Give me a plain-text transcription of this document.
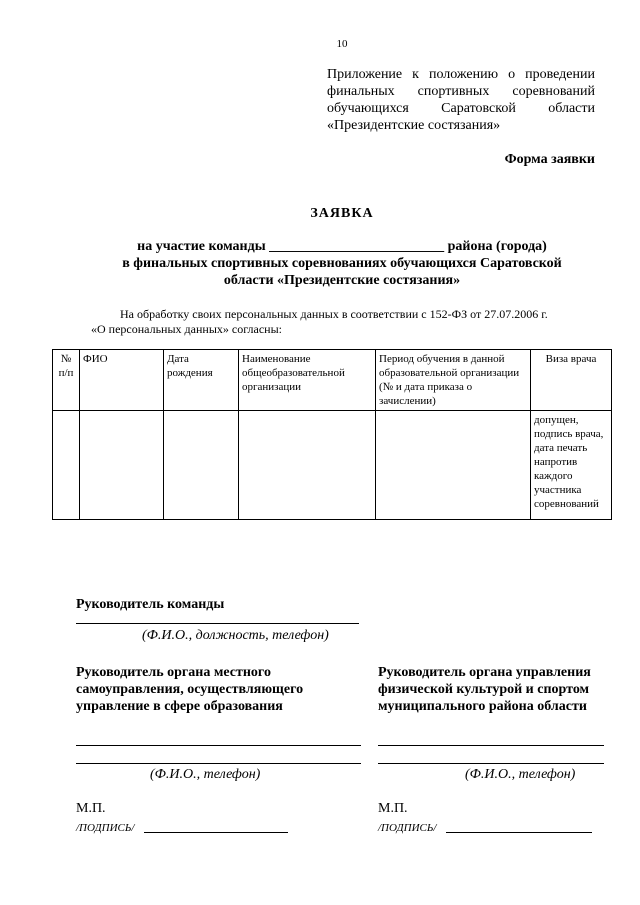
10
Приложение к положению о проведении
финальных спортивных соревнований
обучающихся Саратовской области
«Президентские состязания»
Форма заявки
ЗАЯВКА
на участие команды _________________________ района (города)
в финальных спортивных соревнованиях обучающихся Саратовской
области «Президентские состязания»
На обработку своих персональных данных в соответствии с 152-ФЗ от 27.07.2006 г.
«О персональных данных» согласны:
№ п/п	ФИО	Дата рождения	Наименование общеобразовательной организации	Период обучения в данной образовательной организации (№ и дата приказа о зачислении)	Виза врача
					допущен, подпись врача, дата печать напротив каждого участника соревнований
Руководитель команды
(Ф.И.О., должность, телефон)
Руководитель органа местного
самоуправления, осуществляющего
управление в сфере образования
(Ф.И.О., телефон)
М.П.
/ПОДПИСЬ/
Руководитель органа управления
физической культурой и спортом
муниципального района области
(Ф.И.О., телефон)
М.П.
/ПОДПИСЬ/
